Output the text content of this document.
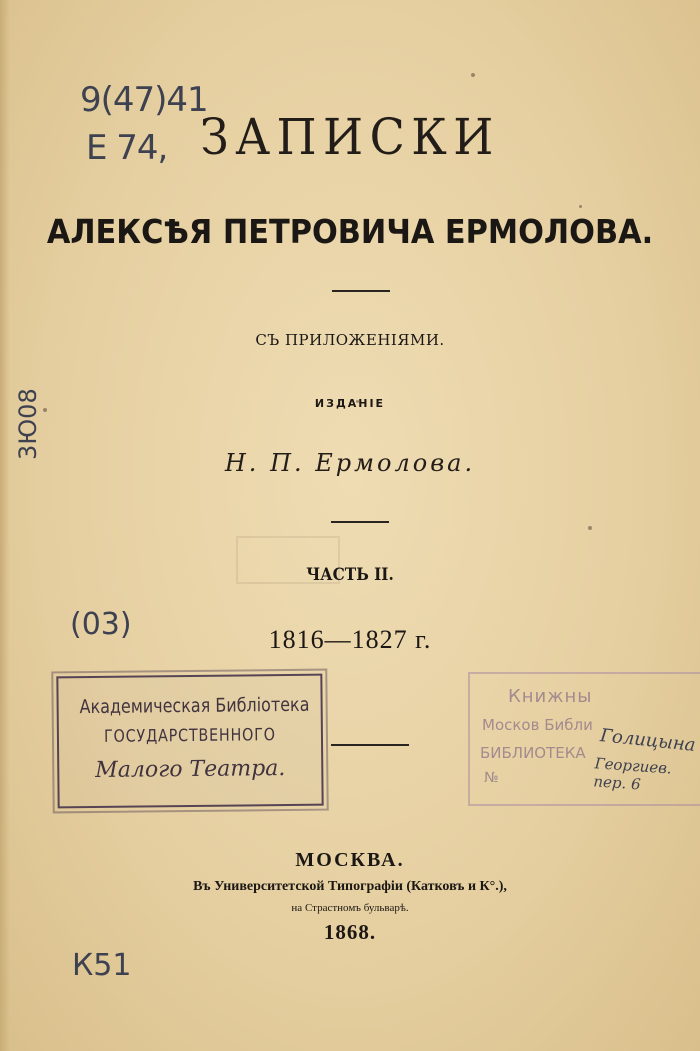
9(47)41
Е 74,
3Ю08
(03)
К51
ЗАПИСКИ
АЛЕКСѢЯ ПЕТРОВИЧА ЕРМОЛОВА.
СЪ ПРИЛОЖЕНІЯМИ.
ИЗДАНІЕ
Н. П. Ермолова.
ЧАСТЬ II.
1816—1827 г.
Академическая Библіотека
ГОСУДАРСТВЕННОГО
Малого Театра.
Книжны
Москов Библи
БИБЛИОТЕКА
№
Голицына
Георгиев. пер. 6
МОСКВА.
Въ Университетской Типографіи (Катковъ и К°.),
на Страстномъ бульварѣ.
1868.
